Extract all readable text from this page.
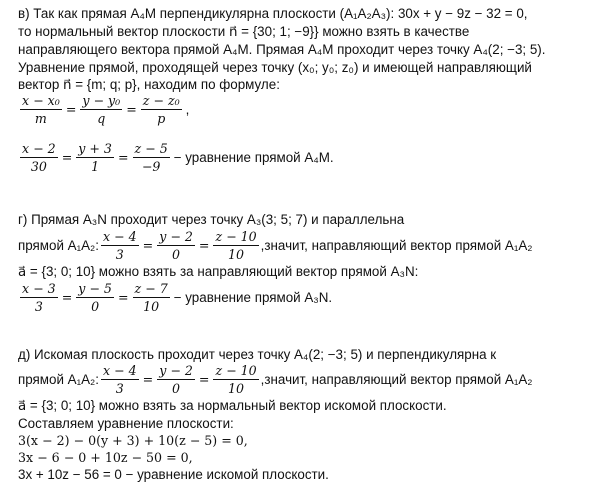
в) Так как прямая A₄M перпендикулярна плоскости (A₁A₂A₃): 30x + y − 9z − 32 = 0,
то нормальный вектор плоскости n⃗ = {30; 1; −9}} можно взять в качестве
направляющего вектора прямой A₄M. Прямая A₄M проходит через точку A₄(2; −3; 5).
Уравнение прямой, проходящей через точку (x₀; y₀; z₀) и имеющей направляющий
вектор n⃗ = {m; q; p}, находим по формуле:
$\frac{\text{x − x₀}}{m} = \frac{\text{y − y₀}}{q} = \frac{\text{z − z₀}}{p}$ ,
$\frac{x - 2}{30} = \frac{y + 3}{1} = \frac{z - 5}{-9}$ − уравнение прямой A₄M.
г) Прямая A₃N проходит через точку A₃(3; 5; 7) и параллельна
прямой A₁A₂: $\frac{x - 4}{3} = \frac{y - 2}{0} = \frac{z - 10}{10}$ ,значит, направляющий вектор прямой A₁A₂
a⃗ = {3; 0; 10} можно взять за направляющий вектор прямой A₃N:
$\frac{x - 3}{3} = \frac{y - 5}{0} = \frac{z - 7}{10}$ − уравнение прямой A₃N.
д) Искомая плоскость проходит через точку A₄(2; −3; 5) и перпендикулярна к
прямой A₁A₂: $\frac{x - 4}{3} = \frac{y - 2}{0} = \frac{z - 10}{10}$ ,значит, направляющий вектор прямой A₁A₂
a⃗ = {3; 0; 10} можно взять за нормальный вектор искомой плоскости.
Составляем уравнение плоскости:
3(x − 2) − 0(y + 3) + 10(z − 5) = 0,
3x − 6 − 0 + 10z − 50 = 0,
3x + 10z − 56 = 0 − уравнение искомой плоскости.
